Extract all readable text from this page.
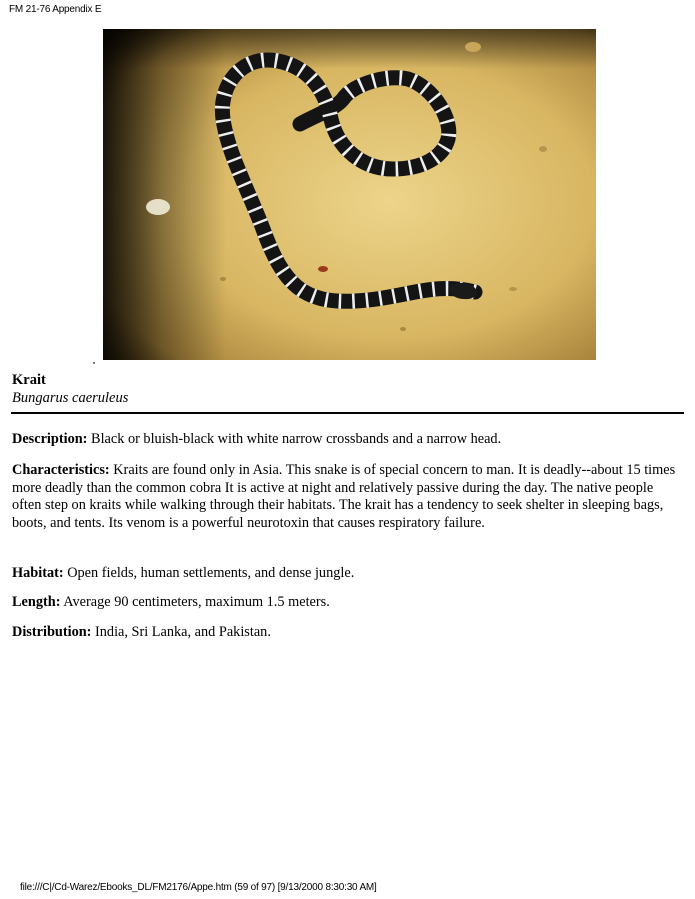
FM 21-76 Appendix E
Krait
Bungarus caeruleus
Description: Black or bluish-black with white narrow crossbands and a narrow head.
Characteristics: Kraits are found only in Asia. This snake is of special concern to man. It is deadly--about 15 times more deadly than the common cobra It is active at night and relatively passive during the day. The native people often step on kraits while walking through their habitats. The krait has a tendency to seek shelter in sleeping bags, boots, and tents. Its venom is a powerful neurotoxin that causes respiratory failure.
Habitat: Open fields, human settlements, and dense jungle.
Length: Average 90 centimeters, maximum 1.5 meters.
Distribution: India, Sri Lanka, and Pakistan.
file:///C|/Cd-Warez/Ebooks_DL/FM2176/Appe.htm (59 of 97) [9/13/2000 8:30:30 AM]
